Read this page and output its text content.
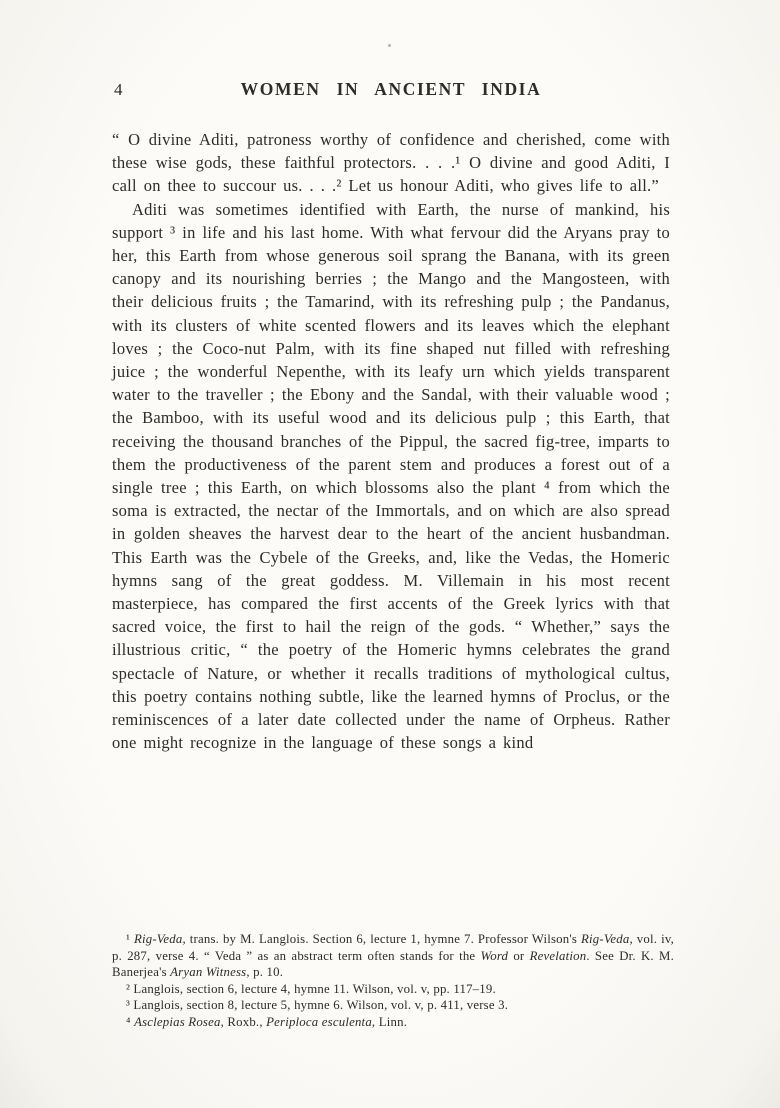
4	WOMEN IN ANCIENT INDIA

“ O divine Aditi, patroness worthy of confidence and cherished, come with these wise gods, these faithful protectors. . . .¹ O divine and good Aditi, I call on thee to succour us. . . .² Let us honour Aditi, who gives life to all.”

Aditi was sometimes identified with Earth, the nurse of mankind, his support ³ in life and his last home. With what fervour did the Aryans pray to her, this Earth from whose generous soil sprang the Banana, with its green canopy and its nourishing berries ; the Mango and the Mangosteen, with their delicious fruits ; the Tamarind, with its refreshing pulp ; the Pandanus, with its clusters of white scented flowers and its leaves which the elephant loves ; the Coco-nut Palm, with its fine shaped nut filled with refreshing juice ; the wonderful Nepenthe, with its leafy urn which yields transparent water to the traveller ; the Ebony and the Sandal, with their valuable wood ; the Bamboo, with its useful wood and its delicious pulp ; this Earth, that receiving the thousand branches of the Pippul, the sacred fig-tree, imparts to them the productiveness of the parent stem and produces a forest out of a single tree ; this Earth, on which blossoms also the plant ⁴ from which the soma is extracted, the nectar of the Immortals, and on which are also spread in golden sheaves the harvest dear to the heart of the ancient husbandman. This Earth was the Cybele of the Greeks, and, like the Vedas, the Homeric hymns sang of the great goddess. M. Villemain in his most recent masterpiece, has compared the first accents of the Greek lyrics with that sacred voice, the first to hail the reign of the gods. “ Whether,” says the illustrious critic, “ the poetry of the Homeric hymns celebrates the grand spectacle of Nature, or whether it recalls traditions of mythological cultus, this poetry contains nothing subtle, like the learned hymns of Proclus, or the reminiscences of a later date collected under the name of Orpheus. Rather one might recognize in the language of these songs a kind

¹ Rig-Veda, trans. by M. Langlois. Section 6, lecture 1, hymne 7. Professor Wilson's Rig-Veda, vol. iv, p. 287, verse 4. “ Veda ” as an abstract term often stands for the Word or Revelation. See Dr. K. M. Banerjea's Aryan Witness, p. 10.

² Langlois, section 6, lecture 4, hymne 11. Wilson, vol. v, pp. 117–19.

³ Langlois, section 8, lecture 5, hymne 6. Wilson, vol. v, p. 411, verse 3.

⁴ Asclepias Rosea, Roxb., Periploca esculenta, Linn.
